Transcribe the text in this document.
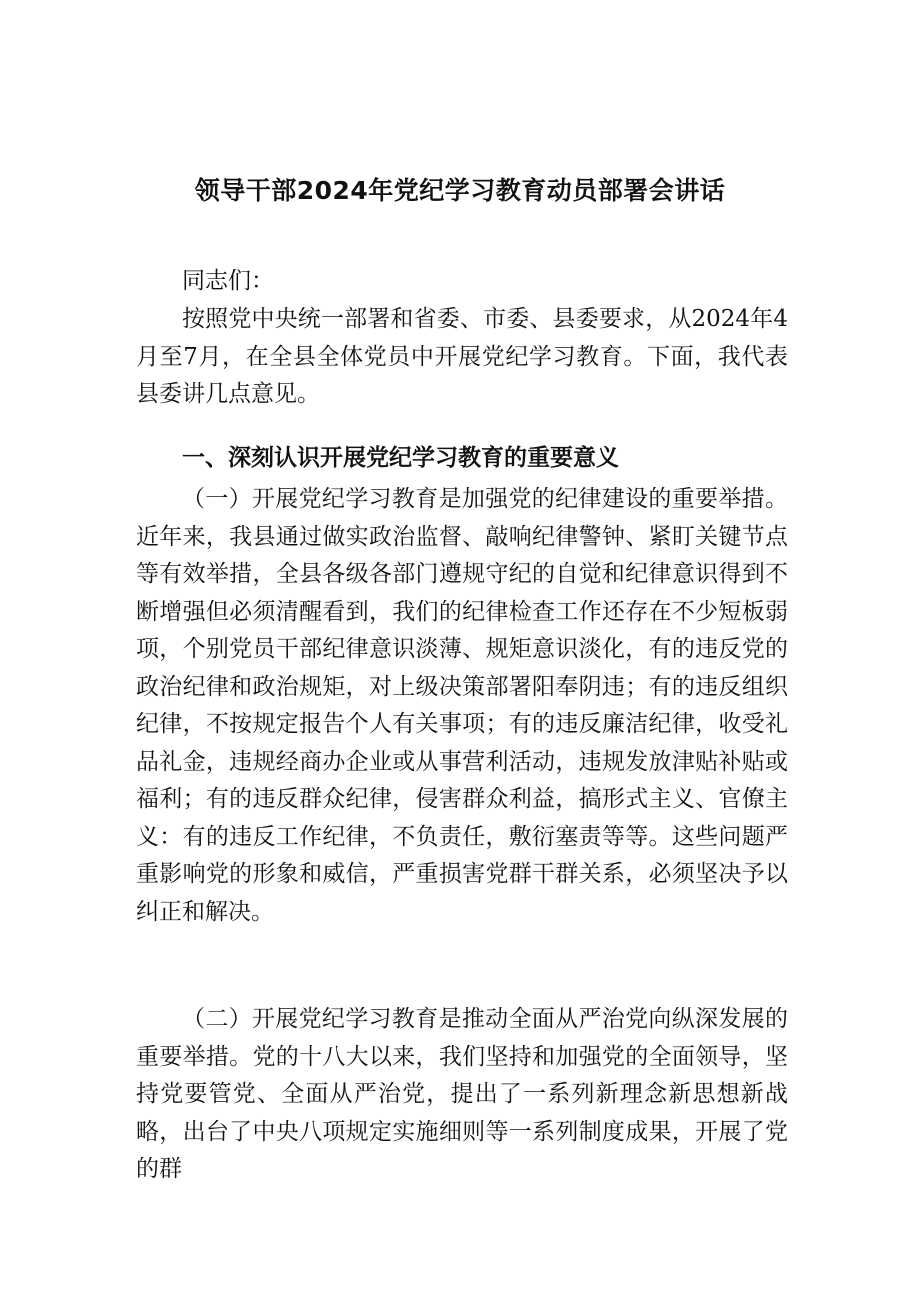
领导干部2024年党纪学习教育动员部署会讲话

同志们：

按照党中央统一部署和省委、市委、县委要求，从2024年4月至7月，在全县全体党员中开展党纪学习教育。下面，我代表县委讲几点意见。

一、深刻认识开展党纪学习教育的重要意义

（一）开展党纪学习教育是加强党的纪律建设的重要举措。近年来，我县通过做实政治监督、敲响纪律警钟、紧盯关键节点等有效举措，全县各级各部门遵规守纪的自觉和纪律意识得到不断增强但必须清醒看到，我们的纪律检查工作还存在不少短板弱项，个别党员干部纪律意识淡薄、规矩意识淡化，有的违反党的政治纪律和政治规矩，对上级决策部署阳奉阴违；有的违反组织纪律，不按规定报告个人有关事项；有的违反廉洁纪律，收受礼品礼金，违规经商办企业或从事营利活动，违规发放津贴补贴或福利；有的违反群众纪律，侵害群众利益，搞形式主义、官僚主义：有的违反工作纪律，不负责任，敷衍塞责等等。这些问题严重影响党的形象和威信，严重损害党群干群关系，必须坚决予以纠正和解决。

（二）开展党纪学习教育是推动全面从严治党向纵深发展的重要举措。党的十八大以来，我们坚持和加强党的全面领导，坚持党要管党、全面从严治党，提出了一系列新理念新思想新战略，出台了中央八项规定实施细则等一系列制度成果，开展了党的群
